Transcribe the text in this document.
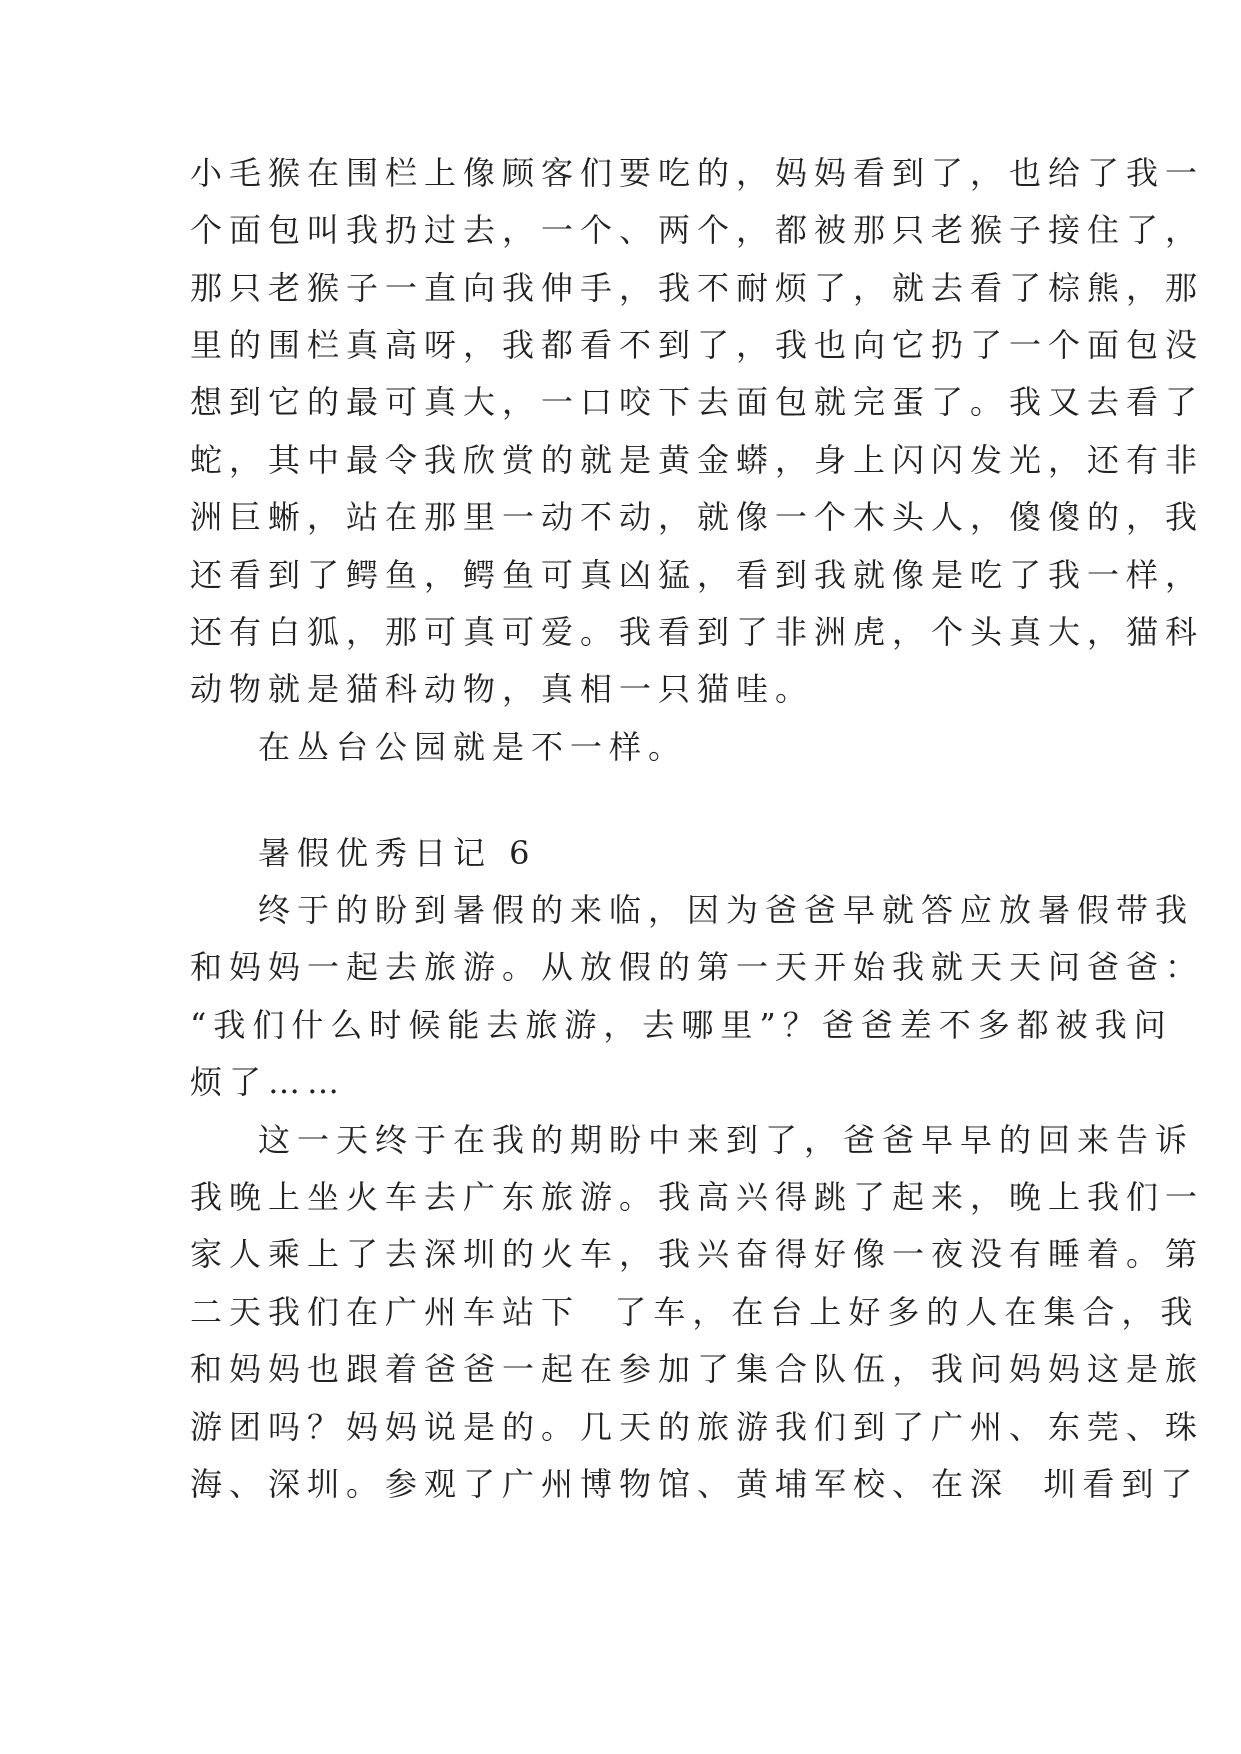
小毛猴在围栏上像顾客们要吃的，妈妈看到了，也给了我一
个面包叫我扔过去，一个、两个，都被那只老猴子接住了，
那只老猴子一直向我伸手，我不耐烦了，就去看了棕熊，那
里的围栏真高呀，我都看不到了，我也向它扔了一个面包没
想到它的最可真大，一口咬下去面包就完蛋了。我又去看了
蛇，其中最令我欣赏的就是黄金蟒，身上闪闪发光，还有非
洲巨蜥，站在那里一动不动，就像一个木头人，傻傻的，我
还看到了鳄鱼，鳄鱼可真凶猛，看到我就像是吃了我一样，
还有白狐，那可真可爱。我看到了非洲虎，个头真大，猫科
动物就是猫科动物，真相一只猫哇。
在丛台公园就是不一样。
暑假优秀日记 6
终于的盼到暑假的来临，因为爸爸早就答应放暑假带我
和妈妈一起去旅游。从放假的第一天开始我就天天问爸爸：
“我们什么时候能去旅游，去哪里”？爸爸差不多都被我问
烦了……
这一天终于在我的期盼中来到了，爸爸早早的回来告诉
我晚上坐火车去广东旅游。我高兴得跳了起来，晚上我们一
家人乘上了去深圳的火车，我兴奋得好像一夜没有睡着。第
二天我们在广州车站下  了车，在台上好多的人在集合，我
和妈妈也跟着爸爸一起在参加了集合队伍，我问妈妈这是旅
游团吗？妈妈说是的。几天的旅游我们到了广州、东莞、珠
海、深圳。参观了广州博物馆、黄埔军校、在深  圳看到了
